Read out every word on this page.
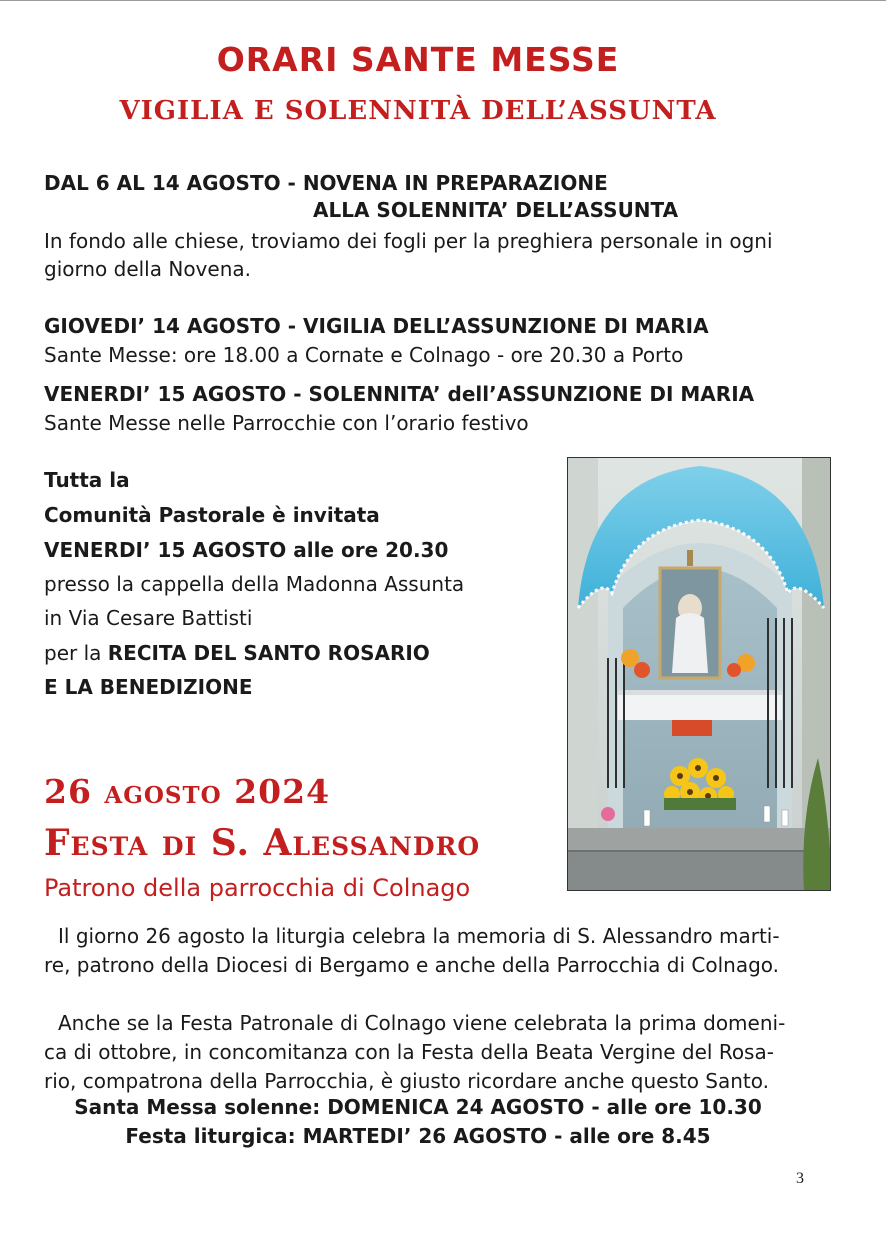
ORARI SANTE MESSE
VIGILIA E SOLENNITÀ DELL’ASSUNTA
DAL 6 AL 14 AGOSTO - NOVENA IN PREPARAZIONE
ALLA SOLENNITA’ DELL’ASSUNTA
In fondo alle chiese, troviamo dei fogli per la preghiera personale in ogni
giorno della Novena.
GIOVEDI’ 14 AGOSTO - VIGILIA DELL’ASSUNZIONE DI MARIA
Sante Messe: ore 18.00 a Cornate e Colnago - ore 20.30 a Porto
VENERDI’ 15 AGOSTO - SOLENNITA’ dell’ASSUNZIONE DI MARIA
Sante Messe nelle Parrocchie con l’orario festivo
Tutta la
Comunità Pastorale è invitata
VENERDI’ 15 AGOSTO alle ore 20.30
presso la cappella della Madonna Assunta
in Via Cesare Battisti
per la RECITA DEL SANTO ROSARIO
E LA BENEDIZIONE
26 agosto 2024
Festa di S. Alessandro
Patrono della parrocchia di Colnago
Il giorno 26 agosto la liturgia celebra la memoria di S. Alessandro marti-
re, patrono della Diocesi di Bergamo e anche della Parrocchia di Colnago.
Anche se la Festa Patronale di Colnago viene celebrata la prima domeni-
ca di ottobre, in concomitanza con la Festa della Beata Vergine del Rosa-
rio, compatrona della Parrocchia, è giusto ricordare anche questo Santo.
Santa Messa solenne: DOMENICA 24 AGOSTO - alle ore 10.30
Festa liturgica: MARTEDI’ 26 AGOSTO - alle ore 8.45
3
